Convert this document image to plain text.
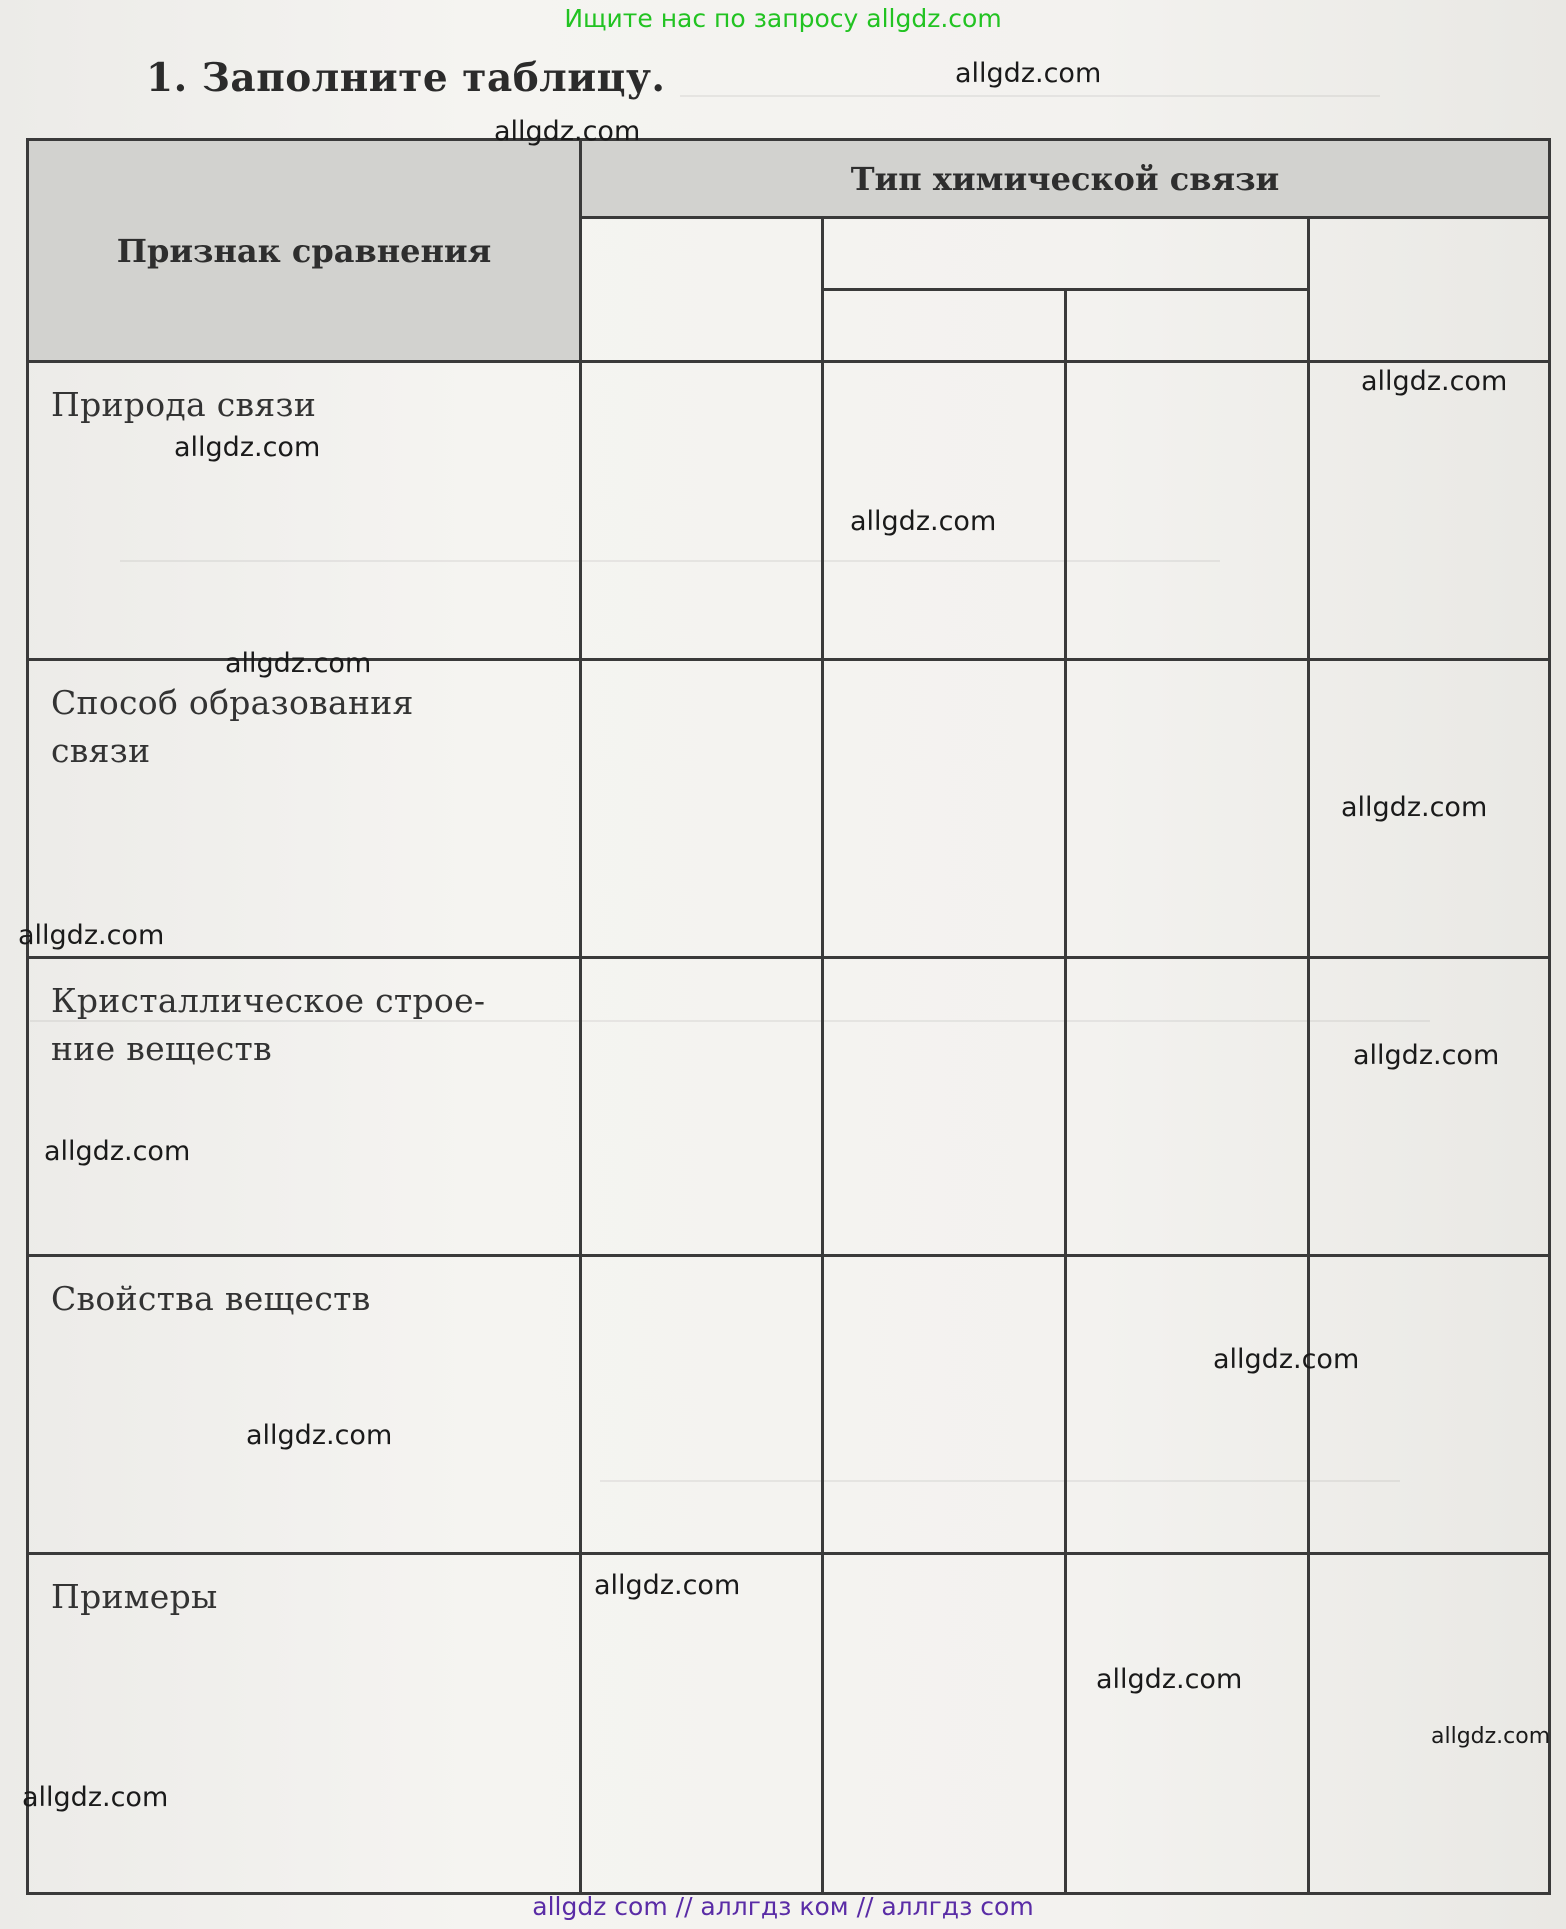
Ищите нас по запросу allgdz.com
1. Заполните таблицу.
Признак сравнения	Тип химической связи			

Природа связи				
Способ образования связи				
Кристаллическое строе-
ние веществ				
Свойства веществ				
Примеры				
allgdz.com
allgdz.com
allgdz.com
allgdz.com
allgdz.com
allgdz.com
allgdz.com
allgdz.com
allgdz.com
allgdz.com
allgdz.com
allgdz.com
allgdz.com
allgdz.com
allgdz.com
allgdz.com
allgdz com // аллгдз ком // аллгдз com
